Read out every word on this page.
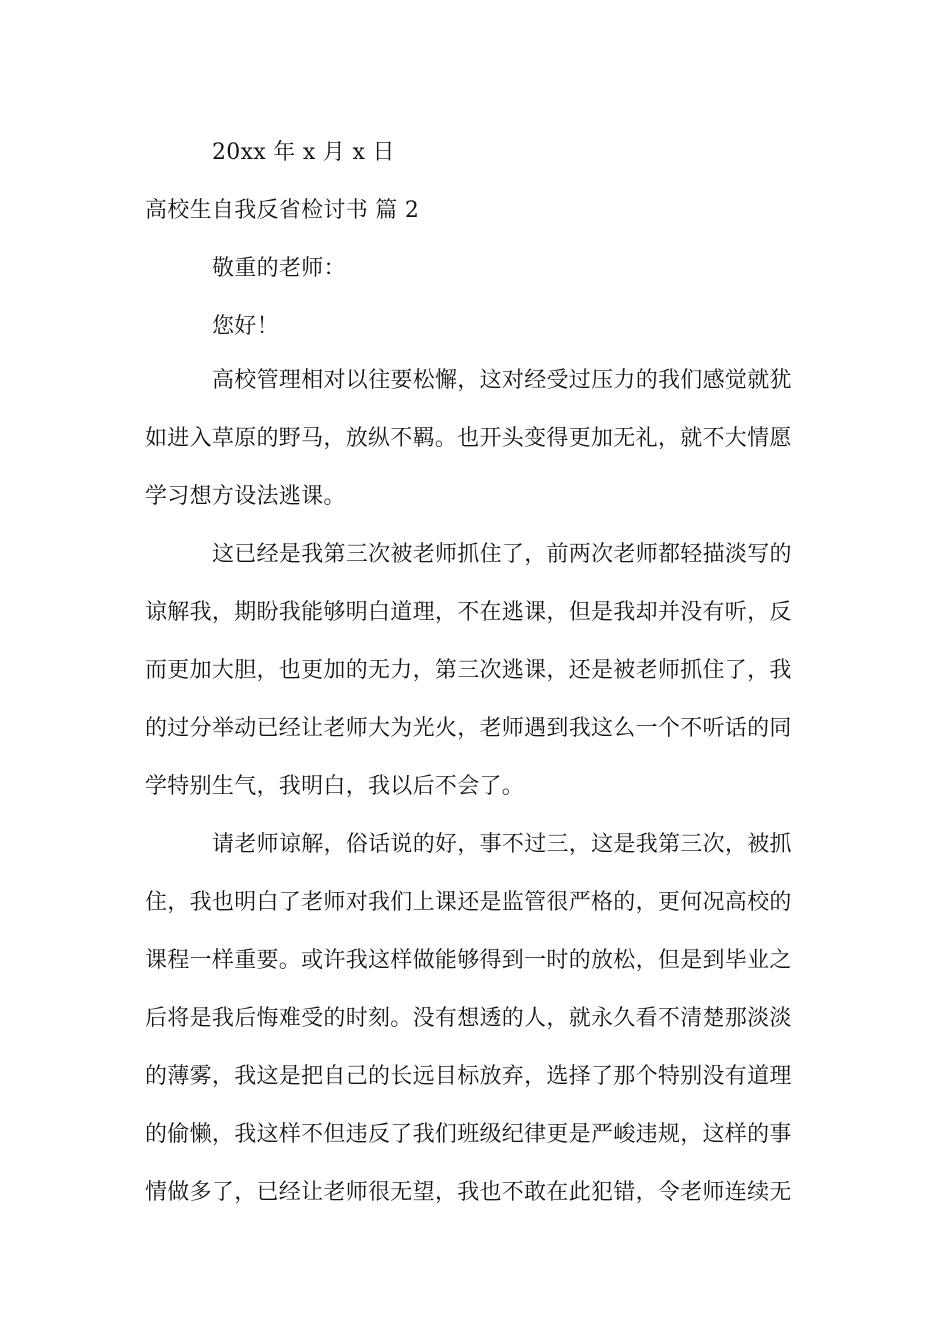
20xx 年 x 月 x 日
高校生自我反省检讨书 篇 2
敬重的老师：
您好！
高校管理相对以往要松懈，这对经受过压力的我们感觉就犹
如进入草原的野马，放纵不羁。也开头变得更加无礼，就不大情愿
学习想方设法逃课。
这已经是我第三次被老师抓住了，前两次老师都轻描淡写的
谅解我，期盼我能够明白道理，不在逃课，但是我却并没有听，反
而更加大胆，也更加的无力，第三次逃课，还是被老师抓住了，我
的过分举动已经让老师大为光火，老师遇到我这么一个不听话的同
学特别生气，我明白，我以后不会了。
请老师谅解，俗话说的好，事不过三，这是我第三次，被抓
住，我也明白了老师对我们上课还是监管很严格的，更何况高校的
课程一样重要。或许我这样做能够得到一时的放松，但是到毕业之
后将是我后悔难受的时刻。没有想透的人，就永久看不清楚那淡淡
的薄雾，我这是把自己的长远目标放弃，选择了那个特别没有道理
的偷懒，我这样不但违反了我们班级纪律更是严峻违规，这样的事
情做多了，已经让老师很无望，我也不敢在此犯错，令老师连续无
